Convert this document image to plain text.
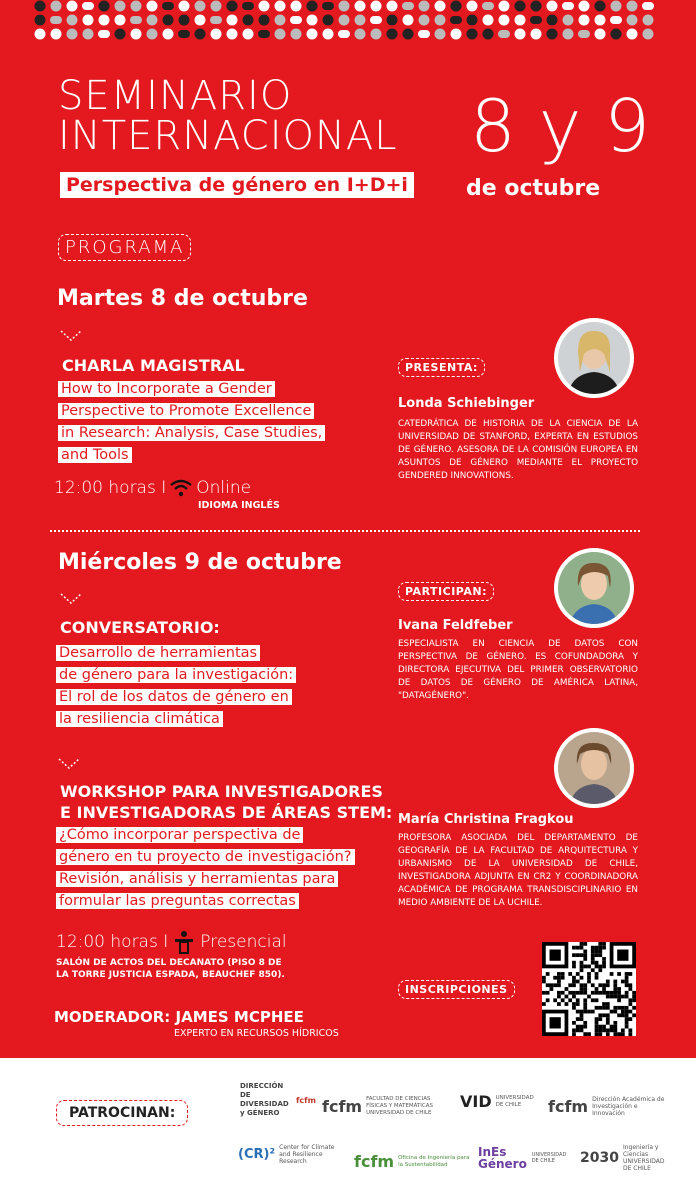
SEMINARIO
INTERNACIONAL
Perspectiva de género en I+D+i
8 y 9
de octubre
PROGRAMA
Martes 8 de octubre
CHARLA MAGISTRAL
How to Incorporate a Gender
Perspective to Promote Excellence
in Research: Analysis, Case Studies,
and Tools
12:00 horas I Online
IDIOMA INGLÉS
PRESENTA:
Londa Schiebinger
CATEDRÁTICA DE HISTORIA DE LA CIENCIA DE LA UNIVERSIDAD DE STANFORD, EXPERTA EN ESTUDIOS DE GÉNERO. ASESORA DE LA COMISIÓN EUROPEA EN ASUNTOS DE GÉNERO MEDIANTE EL PROYECTO GENDERED INNOVATIONS.
Miércoles 9 de octubre
CONVERSATORIO:
Desarrollo de herramientas
de género para la investigación:
El rol de los datos de género en
la resiliencia climática
PARTICIPAN:
Ivana Feldfeber
ESPECIALISTA EN CIENCIA DE DATOS CON PERSPECTIVA DE GÉNERO. ES COFUNDADORA Y DIRECTORA EJECUTIVA DEL PRIMER OBSERVATORIO DE DATOS DE GÉNERO DE AMÉRICA LATINA, "DATAGÉNERO".
WORKSHOP PARA INVESTIGADORES
E INVESTIGADORAS DE ÁREAS STEM:
¿Cómo incorporar perspectiva de
género en tu proyecto de investigación?
Revisión, análisis y herramientas para
formular las preguntas correctas
María Christina Fragkou
PROFESORA ASOCIADA DEL DEPARTAMENTO DE GEOGRAFÍA DE LA FACULTAD DE ARQUITECTURA Y URBANISMO DE LA UNIVERSIDAD DE CHILE, INVESTIGADORA ADJUNTA EN CR2 Y COORDINADORA ACADÉMICA DE PROGRAMA TRANSDISCIPLINARIO EN MEDIO AMBIENTE DE LA UCHILE.
12:00 horas I Presencial
SALÓN DE ACTOS DEL DECANATO (PISO 8 DE
LA TORRE JUSTICIA ESPADA, BEAUCHEF 850).
INSCRIPCIONES
MODERADOR: JAMES MCPHEE
EXPERTO EN RECURSOS HÍDRICOS
PATROCINAN:
DIRECCIÓN DE DIVERSIDAD y GÉNERO
fcfm fcfm FACULTAD DE CIENCIAS FÍSICAS Y MATEMÁTICAS UNIVERSIDAD DE CHILE
VID UNIVERSIDAD DE CHILE	fcfm Dirección Académica de Investigación e Innovación
(CR)² Center for Climate and Resilience Research	fcfm Oficina de Ingeniería para la Sustentabilidad
InEs Género
UNIVERSIDAD DE CHILE	2030
Ingeniería y Ciencias UNIVERSIDAD DE CHILE
